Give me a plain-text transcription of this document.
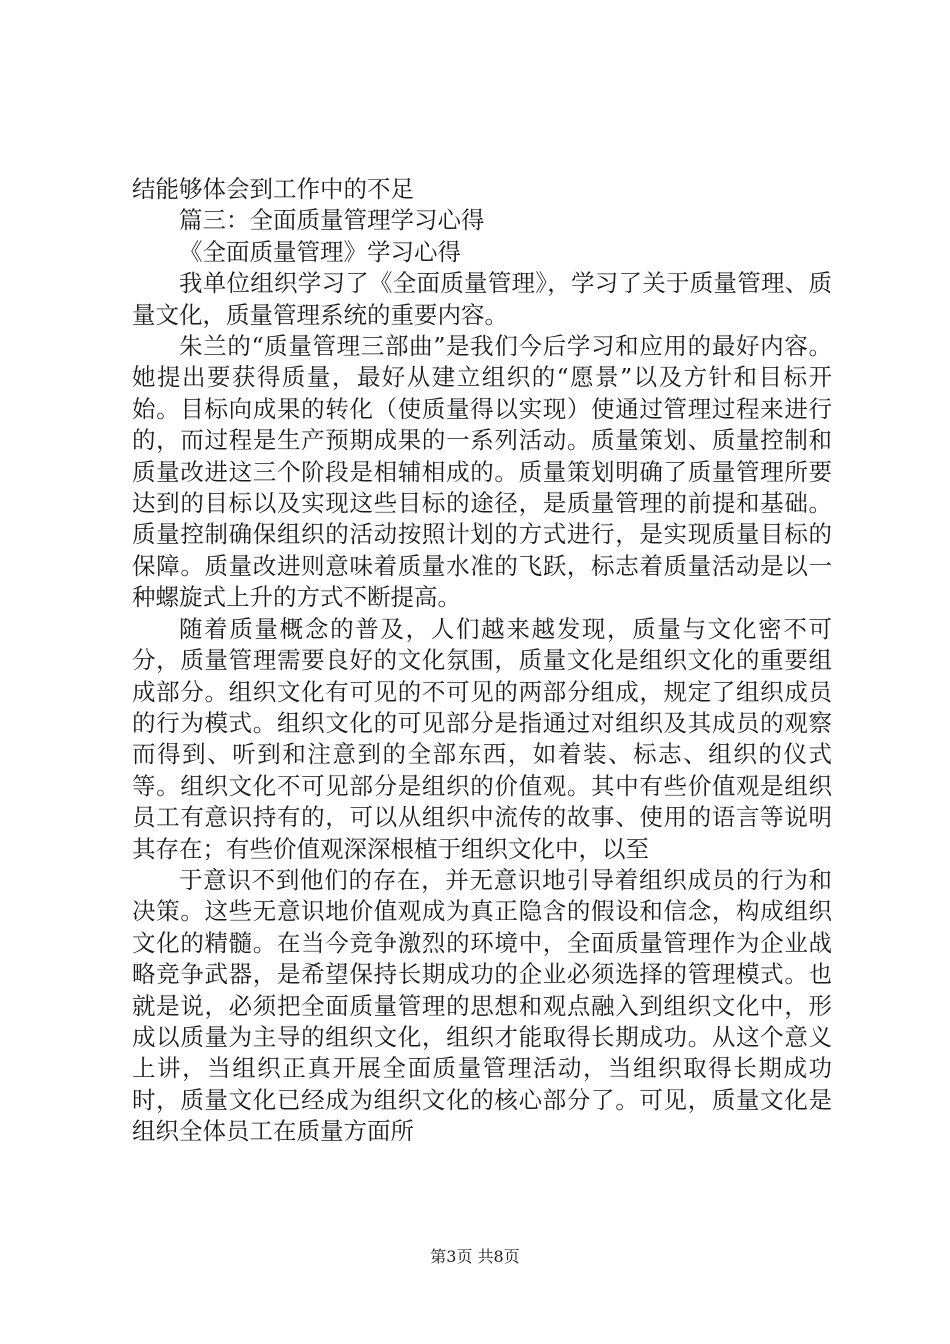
结能够体会到工作中的不足

篇三：全面质量管理学习心得

《全面质量管理》学习心得

我单位组织学习了《全面质量管理》，学习了关于质量管理、质量文化，质量管理系统的重要内容。

朱兰的“质量管理三部曲”是我们今后学习和应用的最好内容。她提出要获得质量，最好从建立组织的“愿景”以及方针和目标开始。目标向成果的转化（使质量得以实现）使通过管理过程来进行的，而过程是生产预期成果的一系列活动。质量策划、质量控制和质量改进这三个阶段是相辅相成的。质量策划明确了质量管理所要达到的目标以及实现这些目标的途径，是质量管理的前提和基础。质量控制确保组织的活动按照计划的方式进行，是实现质量目标的保障。质量改进则意味着质量水准的飞跃，标志着质量活动是以一种螺旋式上升的方式不断提高。

随着质量概念的普及，人们越来越发现，质量与文化密不可分，质量管理需要良好的文化氛围，质量文化是组织文化的重要组成部分。组织文化有可见的不可见的两部分组成，规定了组织成员的行为模式。组织文化的可见部分是指通过对组织及其成员的观察而得到、听到和注意到的全部东西，如着装、标志、组织的仪式等。组织文化不可见部分是组织的价值观。其中有些价值观是组织员工有意识持有的，可以从组织中流传的故事、使用的语言等说明其存在；有些价值观深深根植于组织文化中，以至

于意识不到他们的存在，并无意识地引导着组织成员的行为和决策。这些无意识地价值观成为真正隐含的假设和信念，构成组织文化的精髓。在当今竞争激烈的环境中，全面质量管理作为企业战略竞争武器，是希望保持长期成功的企业必须选择的管理模式。也就是说，必须把全面质量管理的思想和观点融入到组织文化中，形成以质量为主导的组织文化，组织才能取得长期成功。从这个意义上讲，当组织正真开展全面质量管理活动，当组织取得长期成功时，质量文化已经成为组织文化的核心部分了。可见，质量文化是组织全体员工在质量方面所

第3页 共8页
